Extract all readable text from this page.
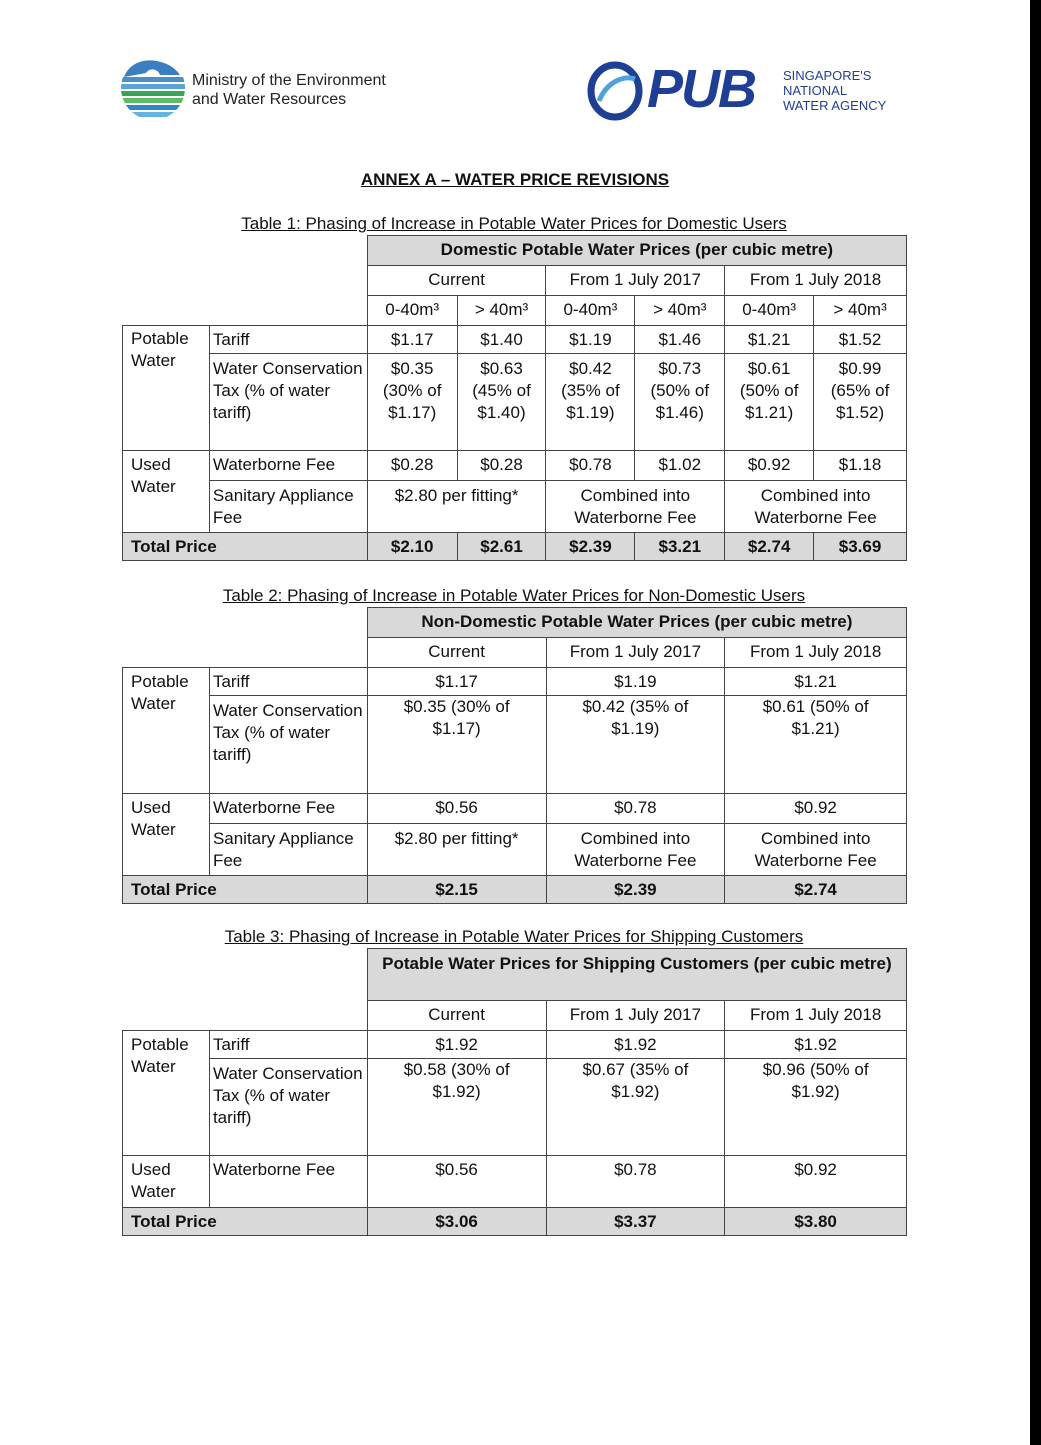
Ministry of the Environment
and Water Resources	PUB SINGAPORE'S
NATIONAL
WATER AGENCY
ANNEX A – WATER PRICE REVISIONS
Table 1: Phasing of Increase in Potable Water Prices for Domestic Users
		Domestic Potable Water Prices (per cubic metre)					
		Current		From 1 July 2017		From 1 July 2018	
		0-40m³	> 40m³	0-40m³	> 40m³	0-40m³	> 40m³
Potable Water	Tariff	$1.17	$1.40	$1.19	$1.46	$1.21	$1.52
	Water Conservation Tax (% of water tariff)	$0.35 (30% of $1.17)	$0.63 (45% of $1.40)	$0.42 (35% of $1.19)	$0.73 (50% of $1.46)	$0.61 (50% of $1.21)	$0.99 (65% of $1.52)
Used Water	Waterborne Fee	$0.28	$0.28	$0.78	$1.02	$0.92	$1.18
	Sanitary Appliance Fee	$2.80 per fitting*		Combined into Waterborne Fee		Combined into Waterborne Fee	
Total Price		$2.10	$2.61	$2.39	$3.21	$2.74	$3.69
Table 2: Phasing of Increase in Potable Water Prices for Non-Domestic Users
		Non-Domestic Potable Water Prices (per cubic metre)		
		Current	From 1 July 2017	From 1 July 2018
Potable Water	Tariff	$1.17	$1.19	$1.21
	Water Conservation Tax (% of water tariff)	$0.35 (30% of $1.17)	$0.42 (35% of $1.19)	$0.61 (50% of $1.21)
Used Water	Waterborne Fee	$0.56	$0.78	$0.92
	Sanitary Appliance Fee	$2.80 per fitting*	Combined into Waterborne Fee	Combined into Waterborne Fee
Total Price		$2.15	$2.39	$2.74
Table 3: Phasing of Increase in Potable Water Prices for Shipping Customers
		Potable Water Prices for Shipping Customers (per cubic metre)		
		Current	From 1 July 2017	From 1 July 2018
Potable Water	Tariff	$1.92	$1.92	$1.92
	Water Conservation Tax (% of water tariff)	$0.58 (30% of $1.92)	$0.67 (35% of $1.92)	$0.96 (50% of $1.92)
Used Water	Waterborne Fee	$0.56	$0.78	$0.92
Total Price		$3.06	$3.37	$3.80
